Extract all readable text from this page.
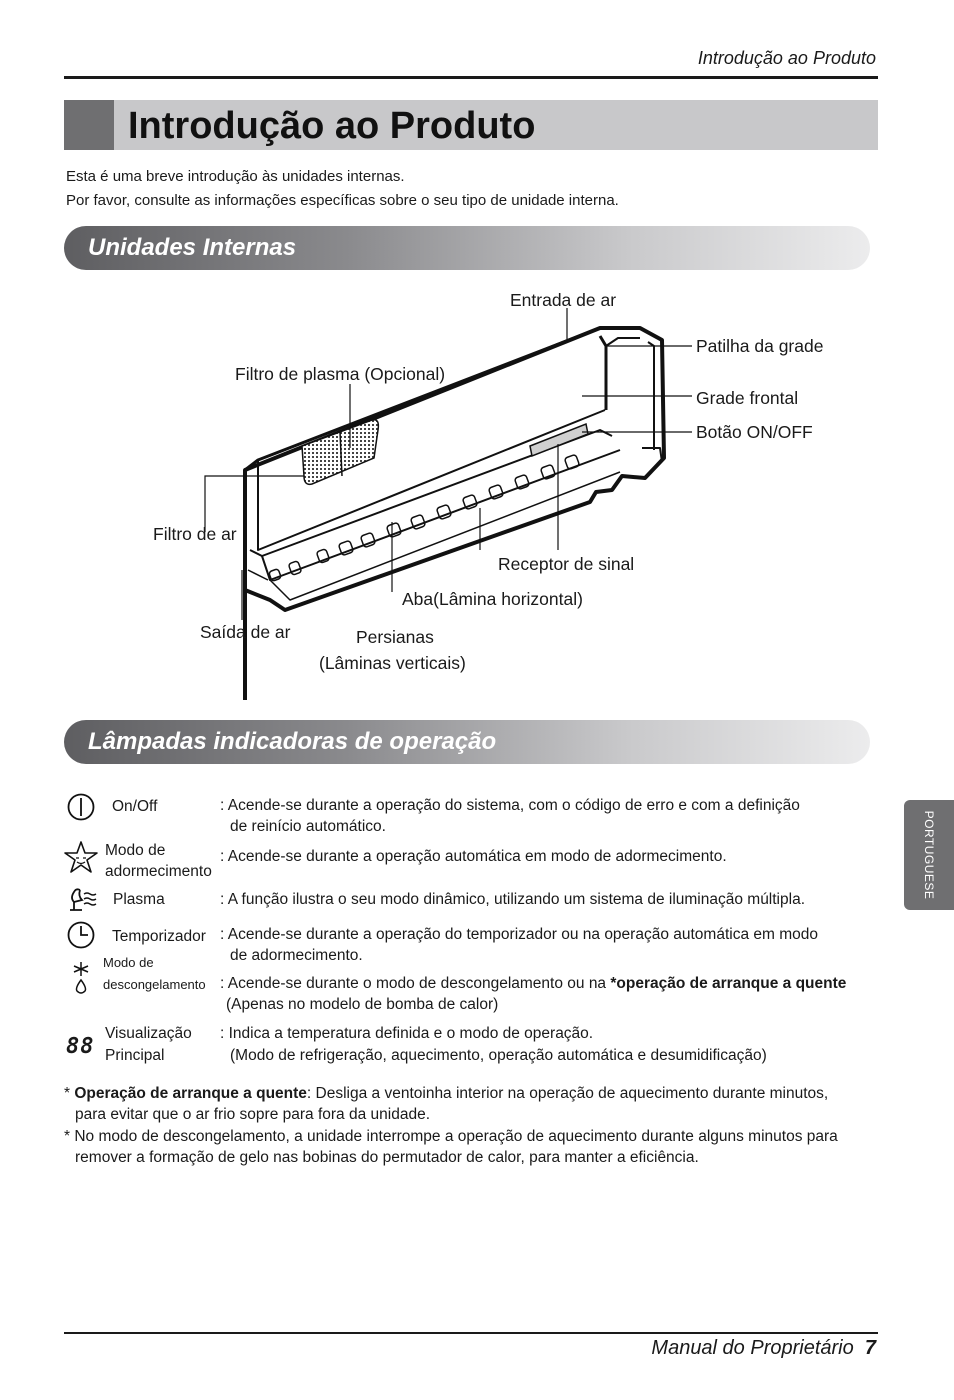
Introdução ao Produto
Introdução ao Produto
Esta é uma breve introdução às unidades internas.
Por favor, consulte as informações específicas sobre o seu tipo de unidade interna.
Unidades Internas
Entrada de ar
Patilha da grade
Filtro de plasma (Opcional)
Grade frontal
Botão ON/OFF
Filtro de ar
Receptor de sinal
Aba(Lâmina horizontal)
Saída de ar	Persianas
(Lâminas verticais)
Lâmpadas indicadoras de operação
On/Off	: Acende-se durante a operação do sistema, com o código de erro e com a definição
de reinício automático.
Modo de
adormecimento
: Acende-se durante a operação automática em modo de adormecimento.
Plasma	: A função ilustra o seu modo dinâmico, utilizando um sistema de iluminação múltipla.
Temporizador : Acende-se durante a operação do temporizador ou na operação automática em modo
de adormecimento.
Modo de
descongelamento : Acende-se durante o modo de descongelamento ou na *operação de arranque a quente
(Apenas no modelo de bomba de calor)
88
Visualização
Principal
: Indica a temperatura definida e o modo de operação.
(Modo de refrigeração, aquecimento, operação automática e desumidificação)
* Operação de arranque a quente: Desliga a ventoinha interior na operação de aquecimento durante minutos,
para evitar que o ar frio sopre para fora da unidade.
* No modo de descongelamento, a unidade interrompe a operação de aquecimento durante alguns minutos para
remover a formação de gelo nas bobinas do permutador de calor, para manter a eficiência.
PORTUGUESE
Manual do Proprietário 7
